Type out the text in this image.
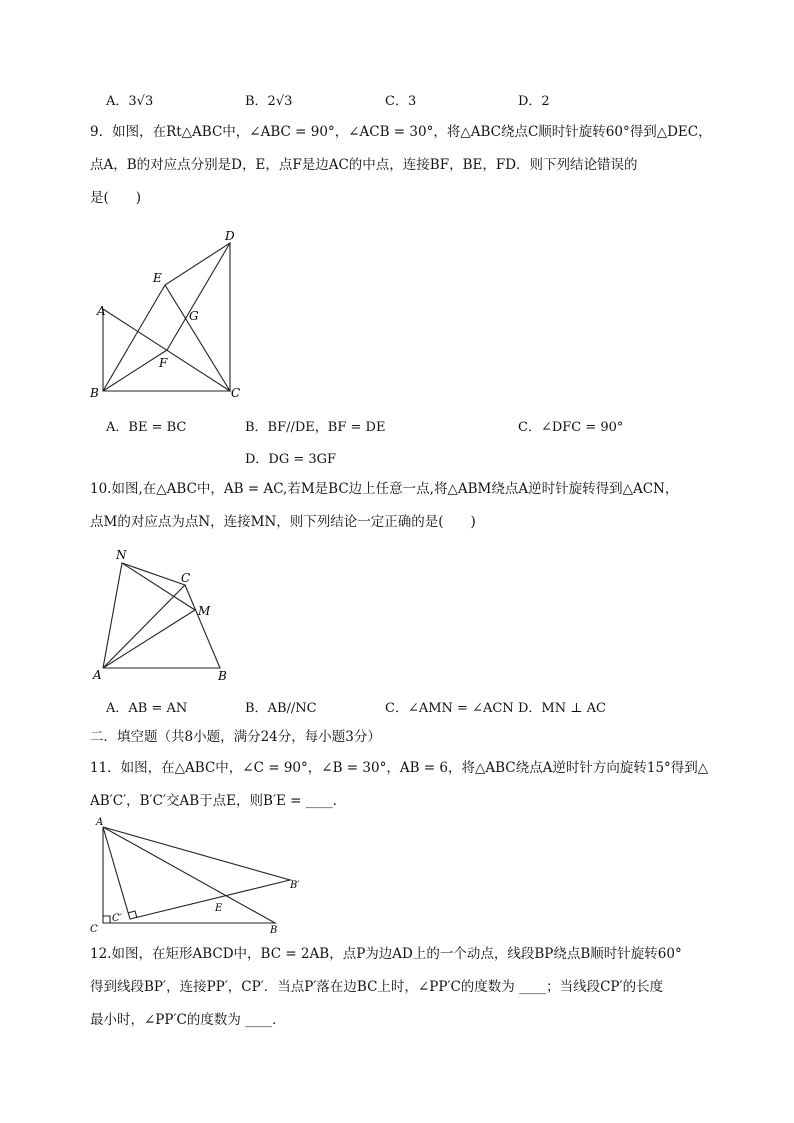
A．3√3	B．2√3	C．3	D．2
9．如图，在Rt△ABC中，∠ABC = 90°，∠ACB = 30°，将△ABC绕点C顺时针旋转60°得到△DEC，
点A，B的对应点分别是D，E，点F是边AC的中点，连接BF，BE，FD．则下列结论错误的
是(　　)
D
E
A	G
F
B	C
A．BE = BC	B．BF//DE，BF = DE	C．∠DFC = 90°
D．DG = 3GF
10.如图,在△ABC中，AB = AC,若M是BC边上任意一点,将△ABM绕点A逆时针旋转得到△ACN，
点M的对应点为点N，连接MN，则下列结论一定正确的是(　　)
N
C
M
A	B
A．AB = AN	B．AB//NC	C．∠AMN = ∠ACN D．MN ⊥ AC
二．填空题（共8小题，满分24分，每小题3分）
11．如图，在△ABC中，∠C = 90°，∠B = 30°，AB = 6，将△ABC绕点A逆时针方向旋转15°得到△
AB′C′，B′C′交AB于点E，则B′E = ____．
A
B′
E
C
C′
B
12.如图，在矩形ABCD中，BC = 2AB，点P为边AD上的一个动点，线段BP绕点B顺时针旋转60°
得到线段BP′，连接PP′，CP′．当点P′落在边BC上时，∠PP′C的度数为 ____；当线段CP′的长度
最小时，∠PP′C的度数为 ____．
